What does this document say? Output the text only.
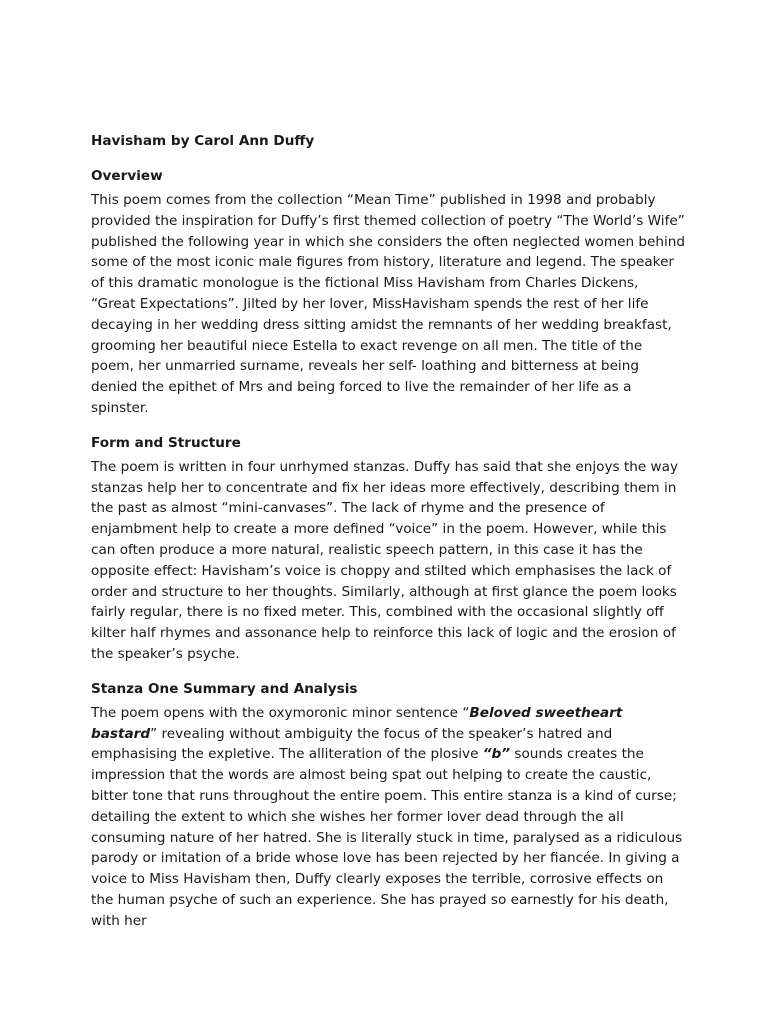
Havisham by Carol Ann Duffy
Overview

This poem comes from the collection “Mean Time” published in 1998 and probably provided the inspiration for Duffy’s first themed collection of poetry “The World’s Wife” published the following year in which she considers the often neglected women behind some of the most iconic male figures from history, literature and legend. The speaker of this dramatic monologue is the fictional Miss Havisham from Charles Dickens, “Great Expectations”. Jilted by her lover, MissHavisham spends the rest of her life decaying in her wedding dress sitting amidst the remnants of her wedding breakfast, grooming her beautiful niece Estella to exact revenge on all men. The title of the poem, her unmarried surname, reveals her self- loathing and bitterness at being denied the epithet of Mrs and being forced to live the remainder of her life as a spinster.

Form and Structure

The poem is written in four unrhymed stanzas. Duffy has said that she enjoys the way stanzas help her to concentrate and fix her ideas more effectively, describing them in the past as almost “mini-canvases”. The lack of rhyme and the presence of enjambment help to create a more defined “voice” in the poem. However, while this can often produce a more natural, realistic speech pattern, in this case it has the opposite effect: Havisham’s voice is choppy and stilted which emphasises the lack of order and structure to her thoughts. Similarly, although at first glance the poem looks fairly regular, there is no fixed meter. This, combined with the occasional slightly off kilter half rhymes and assonance help to reinforce this lack of logic and the erosion of the speaker’s psyche.

Stanza One Summary and Analysis

The poem opens with the oxymoronic minor sentence “Beloved sweetheart bastard” revealing without ambiguity the focus of the speaker’s hatred and emphasising the expletive. The alliteration of the plosive “b” sounds creates the impression that the words are almost being spat out helping to create the caustic, bitter tone that runs throughout the entire poem. This entire stanza is a kind of curse; detailing the extent to which she wishes her former lover dead through the all consuming nature of her hatred. She is literally stuck in time, paralysed as a ridiculous parody or imitation of a bride whose love has been rejected by her fiancée. In giving a voice to Miss Havisham then, Duffy clearly exposes the terrible, corrosive effects on the human psyche of such an experience. She has prayed so earnestly for his death, with her
